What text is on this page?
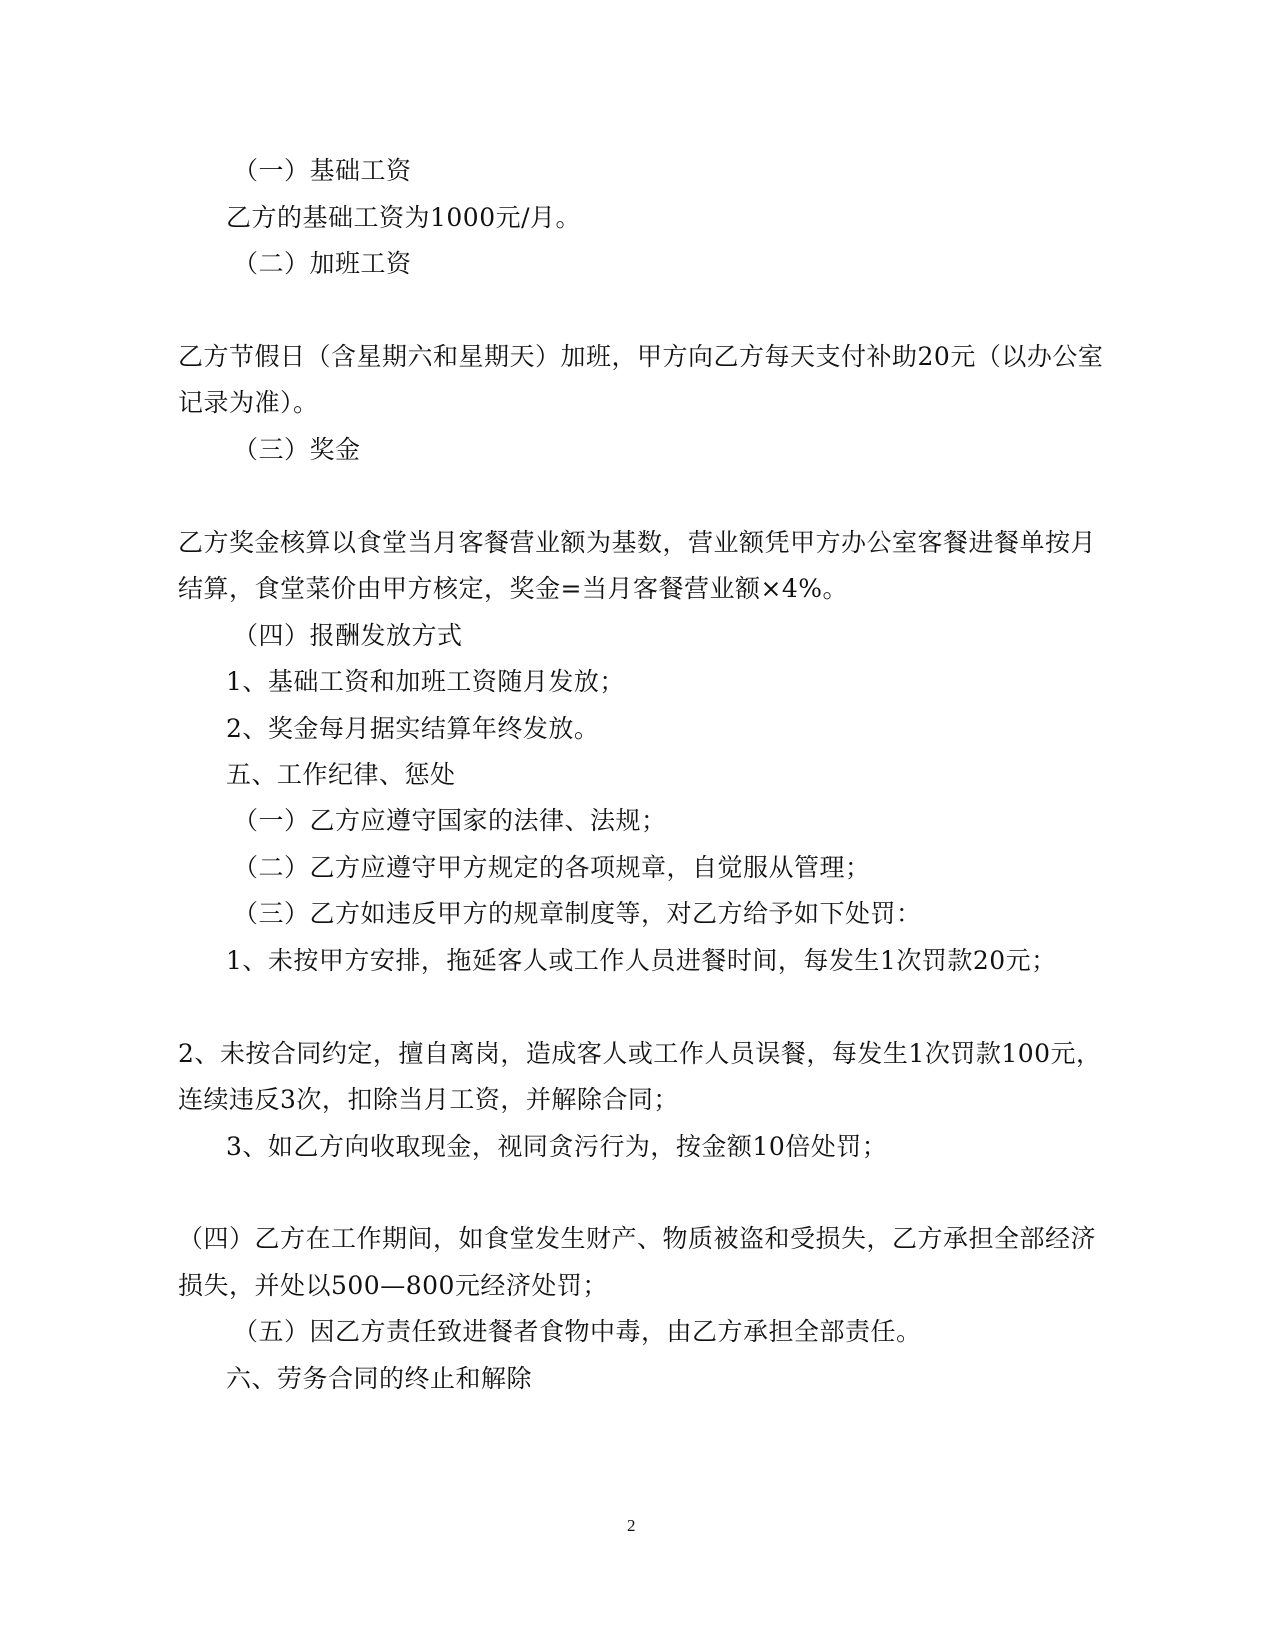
（一）基础工资
乙方的基础工资为1000元/月。
（二）加班工资
乙方节假日（含星期六和星期天）加班，甲方向乙方每天支付补助20元（以办公室
记录为准）。
（三）奖金
乙方奖金核算以食堂当月客餐营业额为基数，营业额凭甲方办公室客餐进餐单按月
结算，食堂菜价由甲方核定，奖金=当月客餐营业额×4%。
（四）报酬发放方式
1、基础工资和加班工资随月发放；
2、奖金每月据实结算年终发放。
五、工作纪律、惩处
（一）乙方应遵守国家的法律、法规；
（二）乙方应遵守甲方规定的各项规章，自觉服从管理；
（三）乙方如违反甲方的规章制度等，对乙方给予如下处罚：
1、未按甲方安排，拖延客人或工作人员进餐时间，每发生1次罚款20元；
2、未按合同约定，擅自离岗，造成客人或工作人员误餐，每发生1次罚款100元，
连续违反3次，扣除当月工资，并解除合同；
3、如乙方向收取现金，视同贪污行为，按金额10倍处罚；
（四）乙方在工作期间，如食堂发生财产、物质被盗和受损失，乙方承担全部经济
损失，并处以500—800元经济处罚；
（五）因乙方责任致进餐者食物中毒，由乙方承担全部责任。
六、劳务合同的终止和解除
2
